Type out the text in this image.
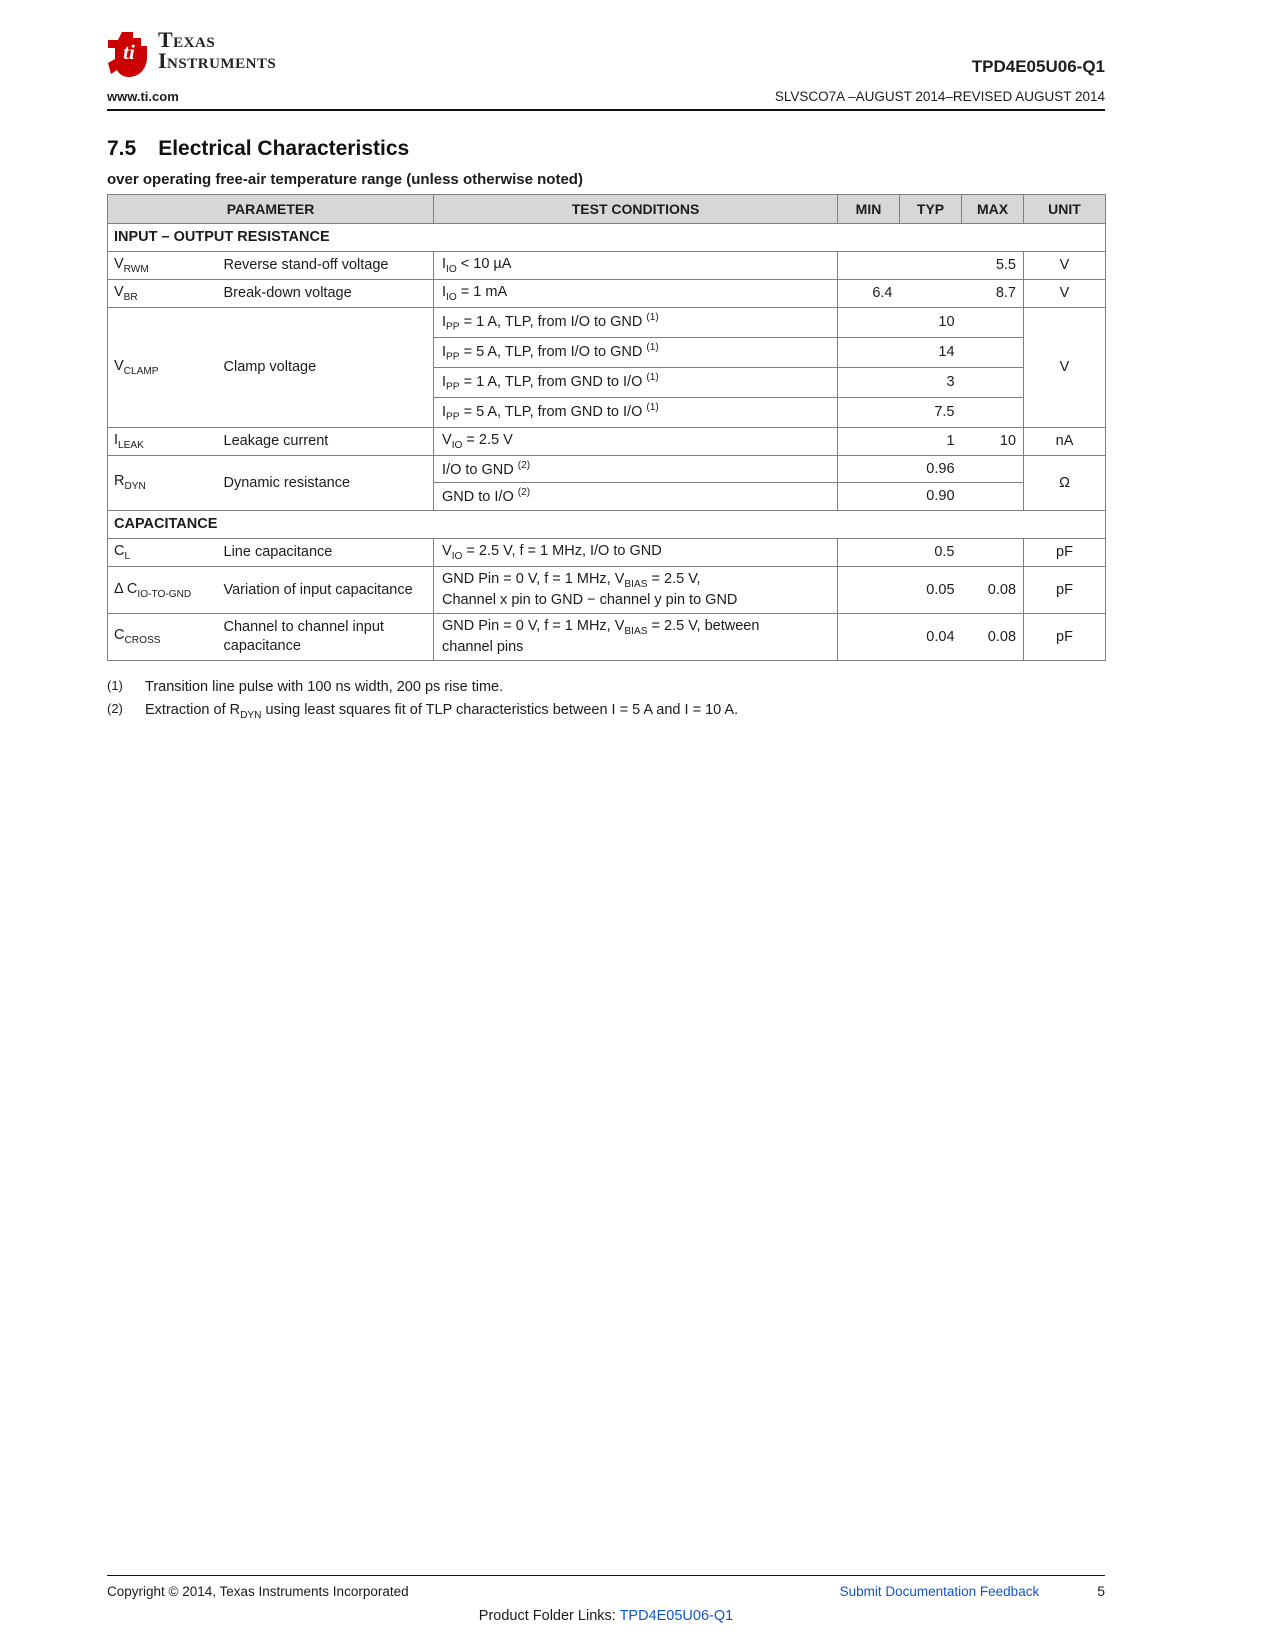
ti Texas
Instruments
www.ti.com
TPD4E05U06-Q1
SLVSCO7A –AUGUST 2014–REVISED AUGUST 2014
7.5 Electrical Characteristics

over operating free-air temperature range (unless otherwise noted)

PARAMETER		TEST CONDITIONS	MIN	TYP	MAX	UNIT
INPUT – OUTPUT RESISTANCE						
$V_{RWM}$	Reverse stand-off voltage	$I_{IO} < 10$ µA			5.5	V
$V_{BR}$	Break-down voltage	$I_{IO} = 1$ mA	6.4		8.7	V
$V_{CLAMP}$	Clamp voltage	$I_{PP} = 1$ A, TLP, from I/O to GND $^{(1)}$		10		V
		$I_{PP} = 5$ A, TLP, from I/O to GND $^{(1)}$		14		
		$I_{PP} = 1$ A, TLP, from GND to I/O $^{(1)}$		3		
		$I_{PP} = 5$ A, TLP, from GND to I/O $^{(1)}$		7.5		
$I_{LEAK}$	Leakage current	$V_{IO} = 2.5$ V		1	10	nA
$R_{DYN}$	Dynamic resistance	I/O to GND $^{(2)}$		0.96		Ω
		GND to I/O $^{(2)}$		0.90		
CAPACITANCE						
$C_L$	Line capacitance	$V_{IO} = 2.5$ V, f = 1 MHz, I/O to GND		0.5		pF
Δ $C_{IO-TO-GND}$	Variation of input capacitance	GND Pin = 0 V, f = 1 MHz, $V_{BIAS} = 2.5$ V,
Channel x pin to GND − channel y pin to GND		0.05	0.08	pF
$C_{CROSS}$	Channel to channel input capacitance	GND Pin = 0 V, f = 1 MHz, $V_{BIAS} = 2.5$ V, between
channel pins		0.04	0.08	pF
(1)	Transition line pulse with 100 ns width, 200 ps rise time.
(2)	Extraction of $R_{DYN}$ using least squares fit of TLP characteristics between I = 5 A and I = 10 A.
Copyright © 2014, Texas Instruments Incorporated	Submit Documentation Feedback	5
Product Folder Links: TPD4E05U06-Q1
